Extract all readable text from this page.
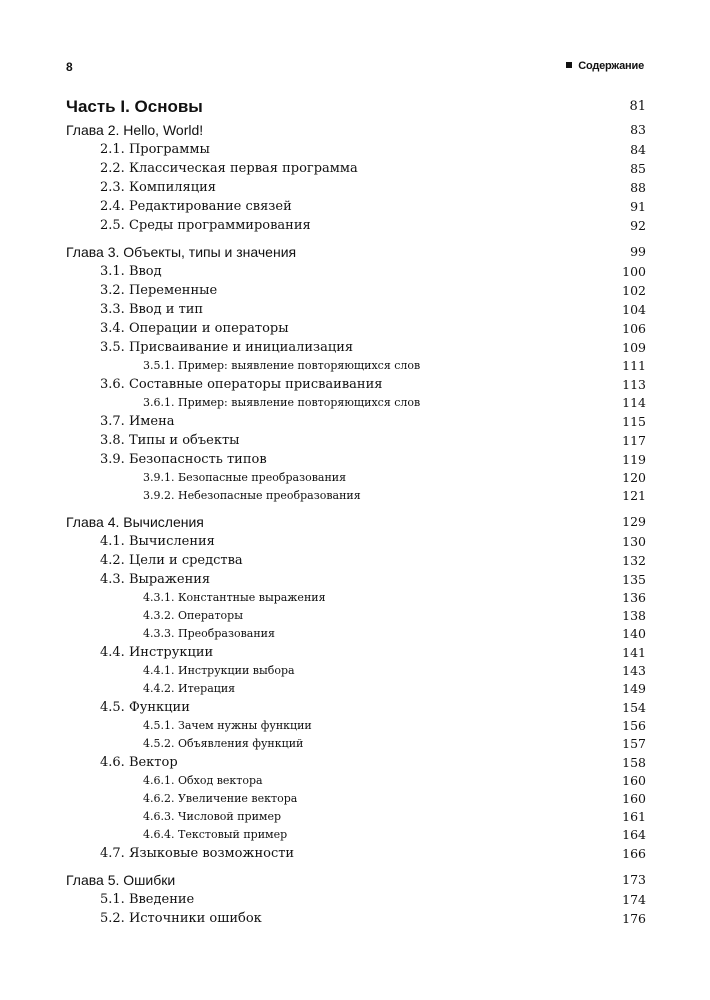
8	Содержание
Часть I. Основы	81
Глава 2. Hello, World!	83
2.1. Программы	84
2.2. Классическая первая программа	85
2.3. Компиляция	88
2.4. Редактирование связей	91
2.5. Среды программирования	92
Глава 3. Объекты, типы и значения	99
3.1. Ввод	100
3.2. Переменные	102
3.3. Ввод и тип	104
3.4. Операции и операторы	106
3.5. Присваивание и инициализация	109
3.5.1. Пример: выявление повторяющихся слов	111
3.6. Составные операторы присваивания	113
3.6.1. Пример: выявление повторяющихся слов	114
3.7. Имена	115
3.8. Типы и объекты	117
3.9. Безопасность типов	119
3.9.1. Безопасные преобразования	120
3.9.2. Небезопасные преобразования	121
Глава 4. Вычисления	129
4.1. Вычисления	130
4.2. Цели и средства	132
4.3. Выражения	135
4.3.1. Константные выражения	136
4.3.2. Операторы	138
4.3.3. Преобразования	140
4.4. Инструкции	141
4.4.1. Инструкции выбора	143
4.4.2. Итерация	149
4.5. Функции	154
4.5.1. Зачем нужны функции	156
4.5.2. Объявления функций	157
4.6. Вектор	158
4.6.1. Обход вектора	160
4.6.2. Увеличение вектора	160
4.6.3. Числовой пример	161
4.6.4. Текстовый пример	164
4.7. Языковые возможности	166
Глава 5. Ошибки	173
5.1. Введение	174
5.2. Источники ошибок	176
